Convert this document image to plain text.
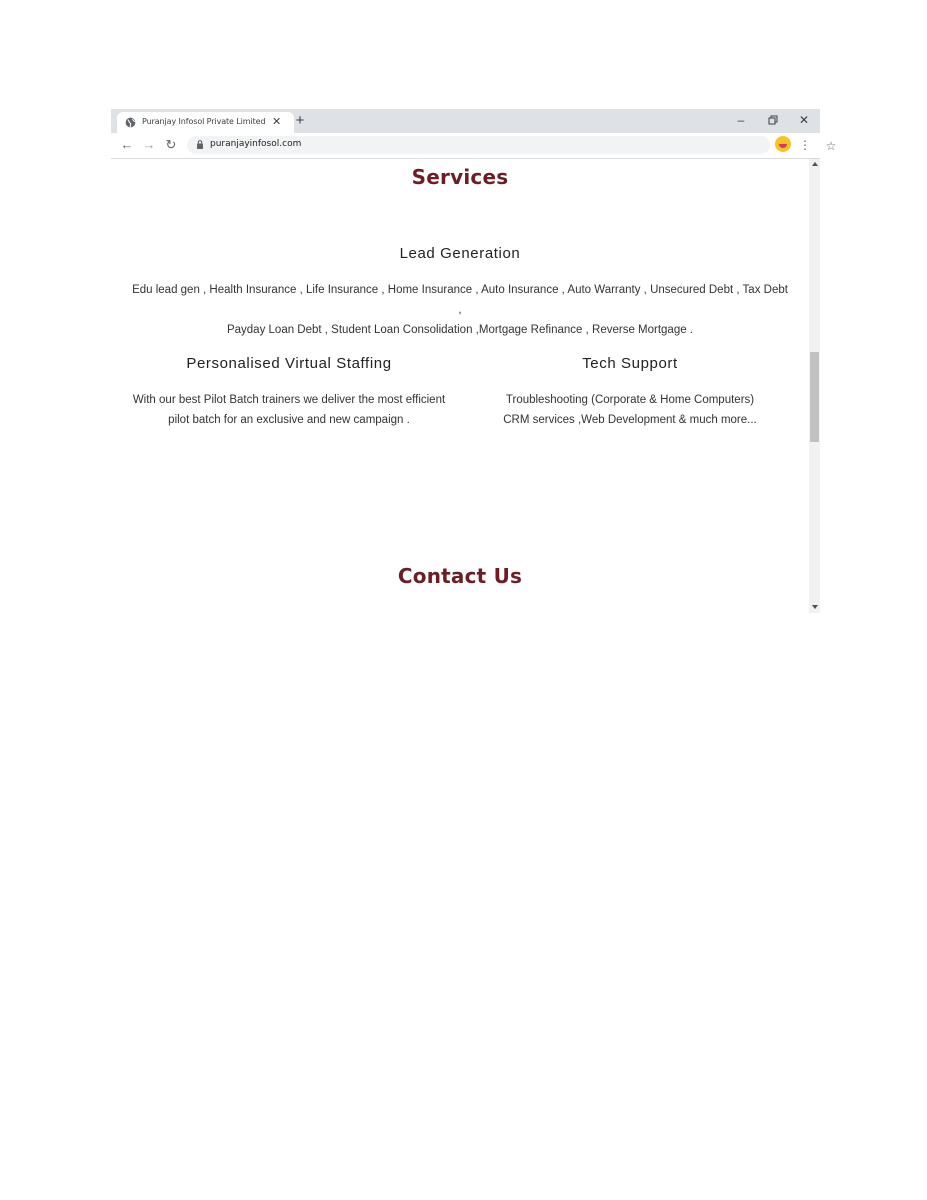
Puranjay Infosol Private Limited ✕ +	–	✕
← → ↻	puranjayinfosol.com	☆
⋮
Services
Lead Generation
Edu lead gen , Health Insurance , Life Insurance , Home Insurance , Auto Insurance , Auto Warranty , Unsecured Debt , Tax Debt ,
Payday Loan Debt , Student Loan Consolidation ,Mortgage Refinance , Reverse Mortgage .
Personalised Virtual Staffing
With our best Pilot Batch trainers we deliver the most efficient
pilot batch for an exclusive and new campaign .
Tech Support
Troubleshooting (Corporate & Home Computers)
CRM services ,Web Development & much more...
Contact Us
